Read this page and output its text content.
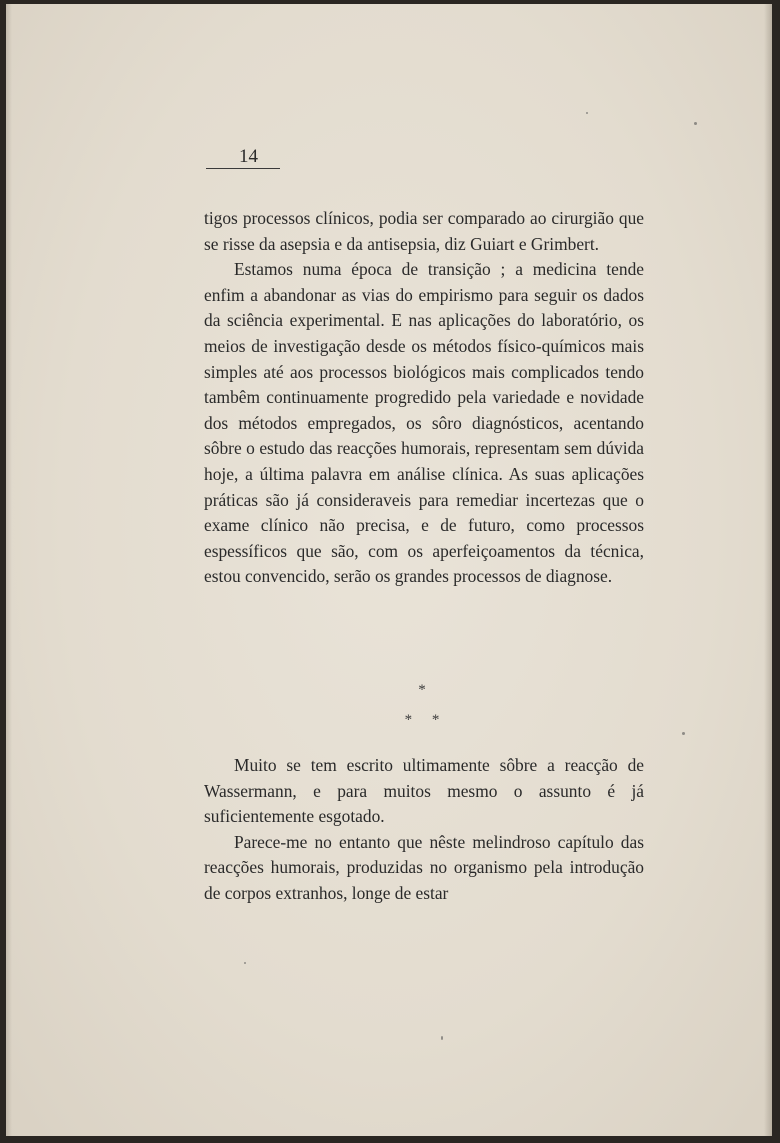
14

tigos processos clínicos, podia ser comparado ao cirurgião que se risse da asepsia e da antisepsia, diz Guiart e Grimbert.

Estamos numa época de transição ; a medicina tende enfim a abandonar as vias do empirismo para seguir os dados da sciência experimental. E nas aplicações do laboratório, os meios de investigação desde os métodos físico-químicos mais simples até aos processos biológicos mais complicados tendo tambêm continuamente progredido pela variedade e novidade dos métodos empregados, os sôro diagnósticos, acentando sôbre o estudo das reacções humorais, representam sem dúvida hoje, a última palavra em análise clínica. As suas aplicações práticas são já consideraveis para remediar incertezas que o exame clínico não precisa, e de futuro, como processos espessíficos que são, com os aperfeiçoamentos da técnica, estou convencido, serão os grandes processos de diagnose.

*
* *

Muito se tem escrito ultimamente sôbre a reacção de Wassermann, e para muitos mesmo o assunto é já suficientemente esgotado.

Parece-me no entanto que nêste melindroso capítulo das reacções humorais, produzidas no organismo pela introdução de corpos extranhos, longe de estar
